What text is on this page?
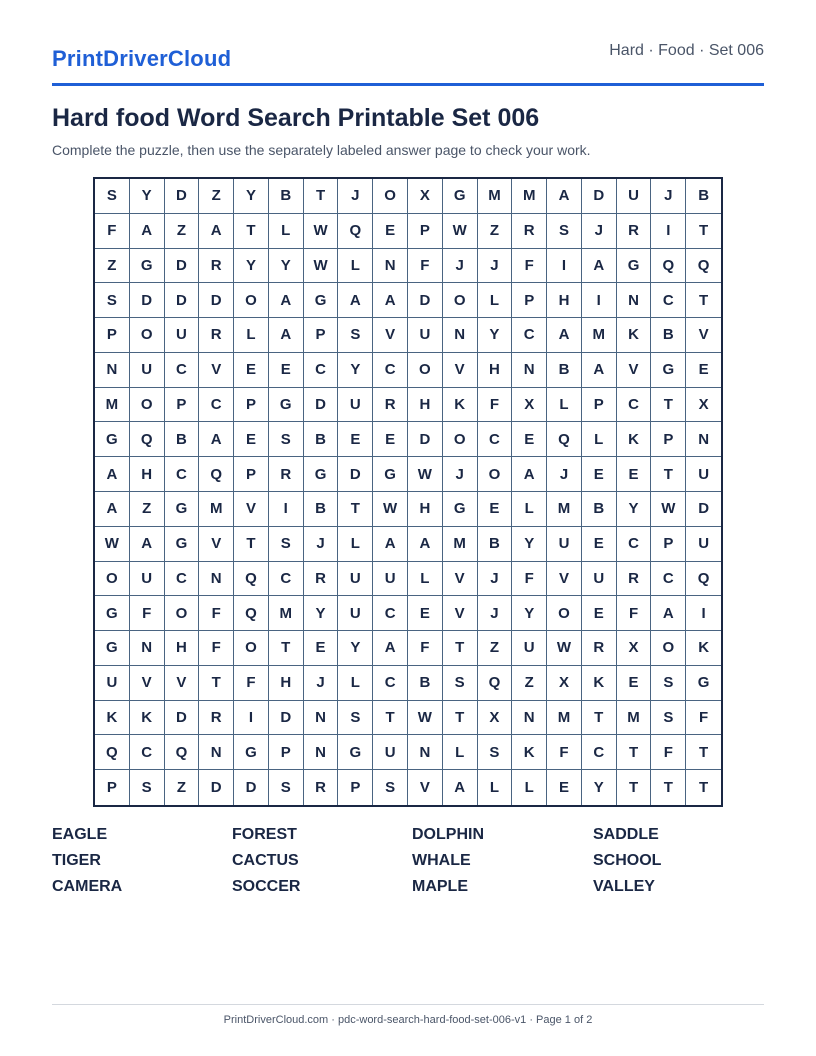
PrintDriverCloud	Hard · Food · Set 006
Hard food Word Search Printable Set 006
Complete the puzzle, then use the separately labeled answer page to check your work.
S	Y	D	Z	Y	B	T	J	O	X	G	M	M	A	D	U	J	B
F	A	Z	A	T	L	W	Q	E	P	W	Z	R	S	J	R	I	T
Z	G	D	R	Y	Y	W	L	N	F	J	J	F	I	A	G	Q	Q
S	D	D	D	O	A	G	A	A	D	O	L	P	H	I	N	C	T
P	O	U	R	L	A	P	S	V	U	N	Y	C	A	M	K	B	V
N	U	C	V	E	E	C	Y	C	O	V	H	N	B	A	V	G	E
M	O	P	C	P	G	D	U	R	H	K	F	X	L	P	C	T	X
G	Q	B	A	E	S	B	E	E	D	O	C	E	Q	L	K	P	N
A	H	C	Q	P	R	G	D	G	W	J	O	A	J	E	E	T	U
A	Z	G	M	V	I	B	T	W	H	G	E	L	M	B	Y	W	D
W	A	G	V	T	S	J	L	A	A	M	B	Y	U	E	C	P	U
O	U	C	N	Q	C	R	U	U	L	V	J	F	V	U	R	C	Q
G	F	O	F	Q	M	Y	U	C	E	V	J	Y	O	E	F	A	I
G	N	H	F	O	T	E	Y	A	F	T	Z	U	W	R	X	O	K
U	V	V	T	F	H	J	L	C	B	S	Q	Z	X	K	E	S	G
K	K	D	R	I	D	N	S	T	W	T	X	N	M	T	M	S	F
Q	C	Q	N	G	P	N	G	U	N	L	S	K	F	C	T	F	T
P	S	Z	D	D	S	R	P	S	V	A	L	L	E	Y	T	T	T
EAGLE	FOREST	DOLPHIN	SADDLE
TIGER	CACTUS	WHALE	SCHOOL
CAMERA	SOCCER	MAPLE	VALLEY
PrintDriverCloud.com · pdc-word-search-hard-food-set-006-v1 · Page 1 of 2
